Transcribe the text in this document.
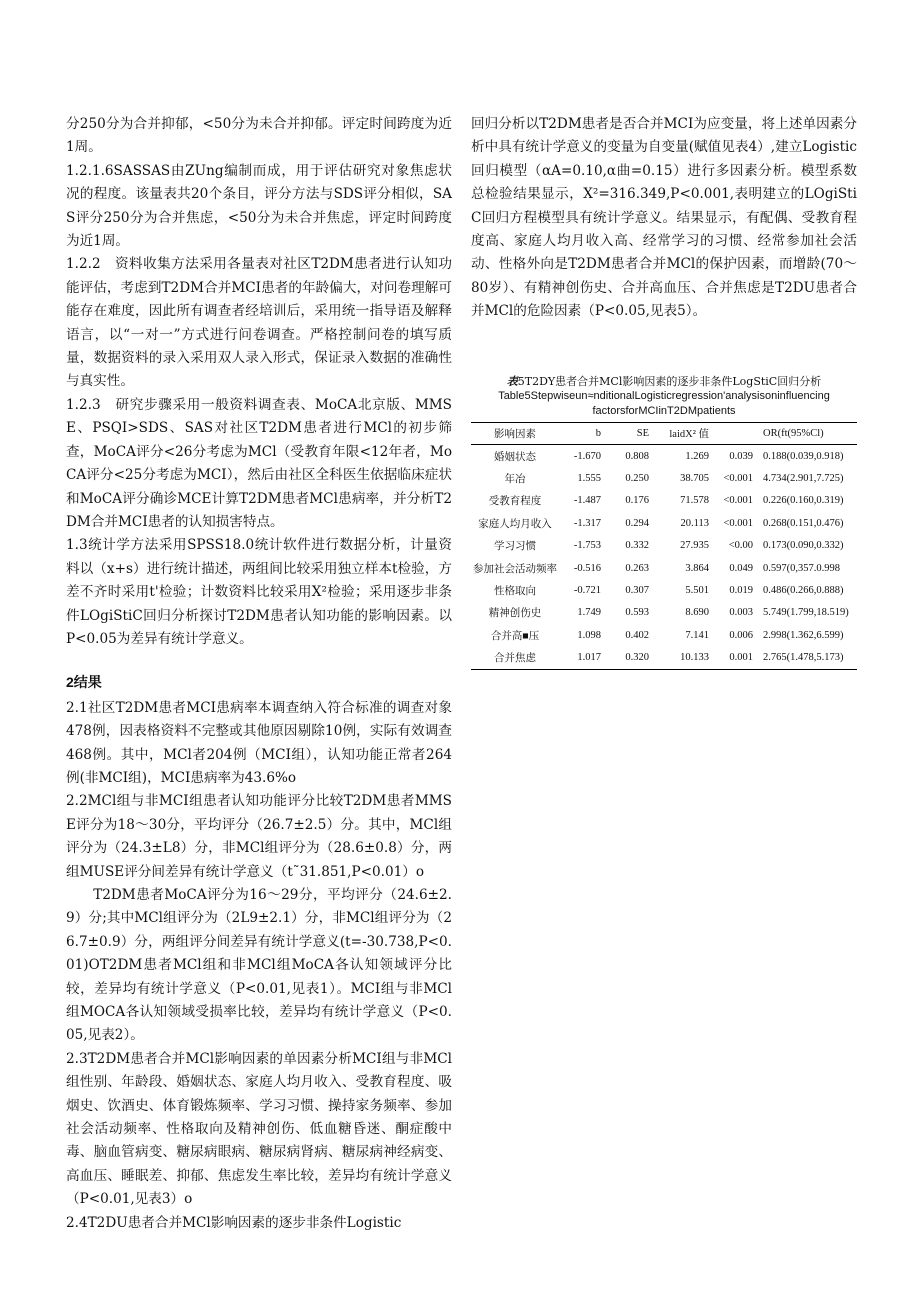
分250分为合并抑郁，<50分为未合并抑郁。评定时间跨度为近1周。

1.2.1.6SASSAS由ZUng编制而成，用于评估研究对象焦虑状况的程度。该量表共20个条目，评分方法与SDS评分相似，SAS评分250分为合并焦虑，<50分为未合并焦虑，评定时间跨度为近1周。

1.2.2　资料收集方法采用各量表对社区T2DM患者进行认知功能评估，考虑到T2DM合并MCI患者的年龄偏大，对问卷理解可能存在难度，因此所有调查者经培训后，采用统一指导语及解释语言，以“一对一”方式进行问卷调查。严格控制问卷的填写质量，数据资料的录入采用双人录入形式，保证录入数据的准确性与真实性。

1.2.3　研究步骤采用一般资料调查表、MoCA北京版、MMSE、PSQI>SDS、SAS对社区T2DM患者进行MCl的初步筛查，MoCA评分<26分考虑为MCl（受教育年限<12年者，MoCA评分<25分考虑为MCI），然后由社区全科医生依据临床症状和MoCA评分确诊MCE计算T2DM患者MCl患病率，并分析T2DM合并MCI患者的认知损害特点。

1.3统计学方法采用SPSS18.0统计软件进行数据分析，计量资料以（x+s）进行统计描述，两组间比较采用独立样本t检验，方差不齐时采用t'检验；计数资料比较采用X²检验；采用逐步非条件LOgiStiC回归分析探讨T2DM患者认知功能的影响因素。以P<0.05为差异有统计学意义。

2结果

2.1社区T2DM患者MCI患病率本调查纳入符合标准的调查对象478例，因表格资料不完整或其他原因剔除10例，实际有效调查468例。其中，MCl者204例（MCI组），认知功能正常者264例(非MCI组)，MCI患病率为43.6%o

2.2MCl组与非MCI组患者认知功能评分比较T2DM患者MMSE评分为18～30分，平均评分（26.7±2.5）分。其中，MCl组评分为（24.3±L8）分，非MCl组评分为（28.6±0.8）分，两组MUSE评分间差异有统计学意义（t˜31.851,P<0.01）o

T2DM患者MoCA评分为16～29分，平均评分（24.6±2.9）分;其中MCl组评分为（2L9±2.1）分，非MCl组评分为（26.7±0.9）分，两组评分间差异有统计学意义(t=-30.738,P<0.01)OT2DM患者MCl组和非MCl组MoCA各认知领域评分比较，差异均有统计学意义（P<0.01,见表1）。MCI组与非MCl组MOCA各认知领域受损率比较，差异均有统计学意义（P<0.05,见表2）。

2.3T2DM患者合并MCl影响因素的单因素分析MCI组与非MCl组性别、年龄段、婚姻状态、家庭人均月收入、受教育程度、吸烟史、饮酒史、体育锻炼频率、学习习惯、操持家务频率、参加社会活动频率、性格取向及精神创伤、低血糖昏迷、酮症酸中毒、脑血管病变、糖尿病眼病、糖尿病肾病、糖尿病神经病变、高血压、睡眠差、抑郁、焦虑发生率比较，差异均有统计学意义（P<0.01,见表3）o

2.4T2DU患者合并MCl影响因素的逐步非条件Logistic

回归分析以T2DM患者是否合并MCI为应变量，将上述单因素分析中具有统计学意义的变量为自变量(赋值见表4）,建立Logistic回归模型（αA=0.10,α曲=0.15）进行多因素分析。模型系数总检验结果显示，X²=316.349,P<0.001,表明建立的LOgiStiC回归方程模型具有统计学意义。结果显示，有配偶、受教育程度高、家庭人均月收入高、经常学习的习惯、经常参加社会活动、性格外向是T2DM患者合并MCl的保护因素，而增龄(70～80岁）、有精神创伤史、合并高血压、合并焦虑是T2DU患者合并MCl的危险因素（P<0.05,见表5）。

表5T2DY患者合并MCl影响因素的逐步非条件LogStiC回归分析

Table5Stepwiseun≈nditionalLogisticregression'analysisoninfluencing

factorsforMCIinT2DMpatients

影响因素	b	SE	laidX² 值		OR(ft(95%Cl)
婚姻状态	-1.670	0.808	1.269	0.039	0.188(0.039,0.918)
年冶	1.555	0.250	38.705	<0.001	4.734(2.901,7.725)
受教育程度	-1.487	0.176	71.578	<0.001	0.226(0.160,0.319)
家庭人均月收入	-1.317	0.294	20.113	<0.001	0.268(0.151,0.476)
学习习惯	-1.753	0.332	27.935	<0.00	0.173(0.090,0.332)
参加社会活动频率	-0.516	0.263	3.864	0.049	0.597(0,357.0.998
性格取向	-0.721	0.307	5.501	0.019	0.486(0.266,0.888)
精神创伤史	1.749	0.593	8.690	0.003	5.749(1.799,18.519)
合并高■压	1.098	0.402	7.141	0.006	2.998(1.362,6.599)
合并焦虑	1.017	0.320	10.133	0.001	2.765(1.478,5.173)
